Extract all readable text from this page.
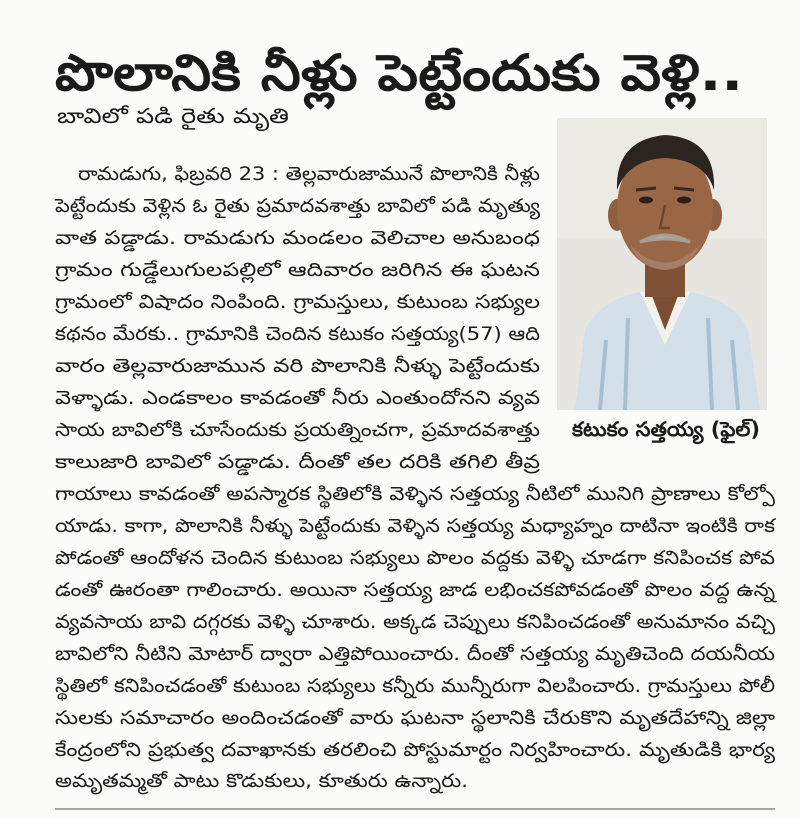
పొలానికి నీళ్లు పెట్టేందుకు వెళ్లి..
బావిలో పడి రైతు మృతి
కటుకం సత్తయ్య (ఫైల్)
రామడుగు, ఫిబ్రవరి 23 : తెల్లవారుజామునే పొలానికి నీళ్లు
పెట్టేందుకు వెళ్లిన ఓ రైతు ప్రమాదవశాత్తు బావిలో పడి మృత్యు
వాత పడ్డాడు. రామడుగు మండలం వెలిచాల అనుబంధ
గ్రామం గుడ్డేలుగులపల్లిలో ఆదివారం జరిగిన ఈ ఘటన
గ్రామంలో విషాదం నింపింది. గ్రామస్తులు, కుటుంబ సభ్యుల
కథనం మేరకు.. గ్రామానికి చెందిన కటుకం సత్తయ్య(57) ఆది
వారం తెల్లవారుజామున వరి పొలానికి నీళ్ళు పెట్టేందుకు
వెళ్ళాడు. ఎండకాలం కావడంతో నీరు ఎంతుందోనని వ్యవ
సాయ బావిలోకి చూసేందుకు ప్రయత్నించగా, ప్రమాదవశాత్తు
కాలుజారి బావిలో పడ్డాడు. దీంతో తల దరికి తగిలి తీవ్ర
గాయాలు కావడంతో అపస్మారక స్థితిలోకి వెళ్ళిన సత్తయ్య నీటిలో మునిగి ప్రాణాలు కోల్పో
యాడు. కాగా, పొలానికి నీళ్ళు పెట్టేందుకు వెళ్ళిన సత్తయ్య మధ్యాహ్నం దాటినా ఇంటికి రాక
పోడంతో ఆందోళన చెందిన కుటుంబ సభ్యులు పొలం వద్దకు వెళ్ళి చూడగా కనిపించక పోవ
డంతో ఊరంతా గాలించారు. అయినా సత్తయ్య జాడ లభించకపోవడంతో పొలం వద్ద ఉన్న
వ్యవసాయ బావి దగ్గరకు వెళ్ళి చూశారు. అక్కడ చెప్పులు కనిపించడంతో అనుమానం వచ్చి
బావిలోని నీటిని మోటార్ ద్వారా ఎత్తిపోయించారు. దీంతో సత్తయ్య మృతిచెంది దయనీయ
స్థితిలో కనిపించడంతో కుటుంబ సభ్యులు కన్నీరు మున్నీరుగా విలపించారు. గ్రామస్తులు పోలీ
సులకు సమాచారం అందించడంతో వారు ఘటనా స్థలానికి చేరుకొని మృతదేహాన్ని జిల్లా
కేంద్రంలోని ప్రభుత్వ దవాఖానకు తరలించి పోస్టుమార్టం నిర్వహించారు. మృతుడికి భార్య
అమృతమ్మతో పాటు కొడుకులు, కూతురు ఉన్నారు.
